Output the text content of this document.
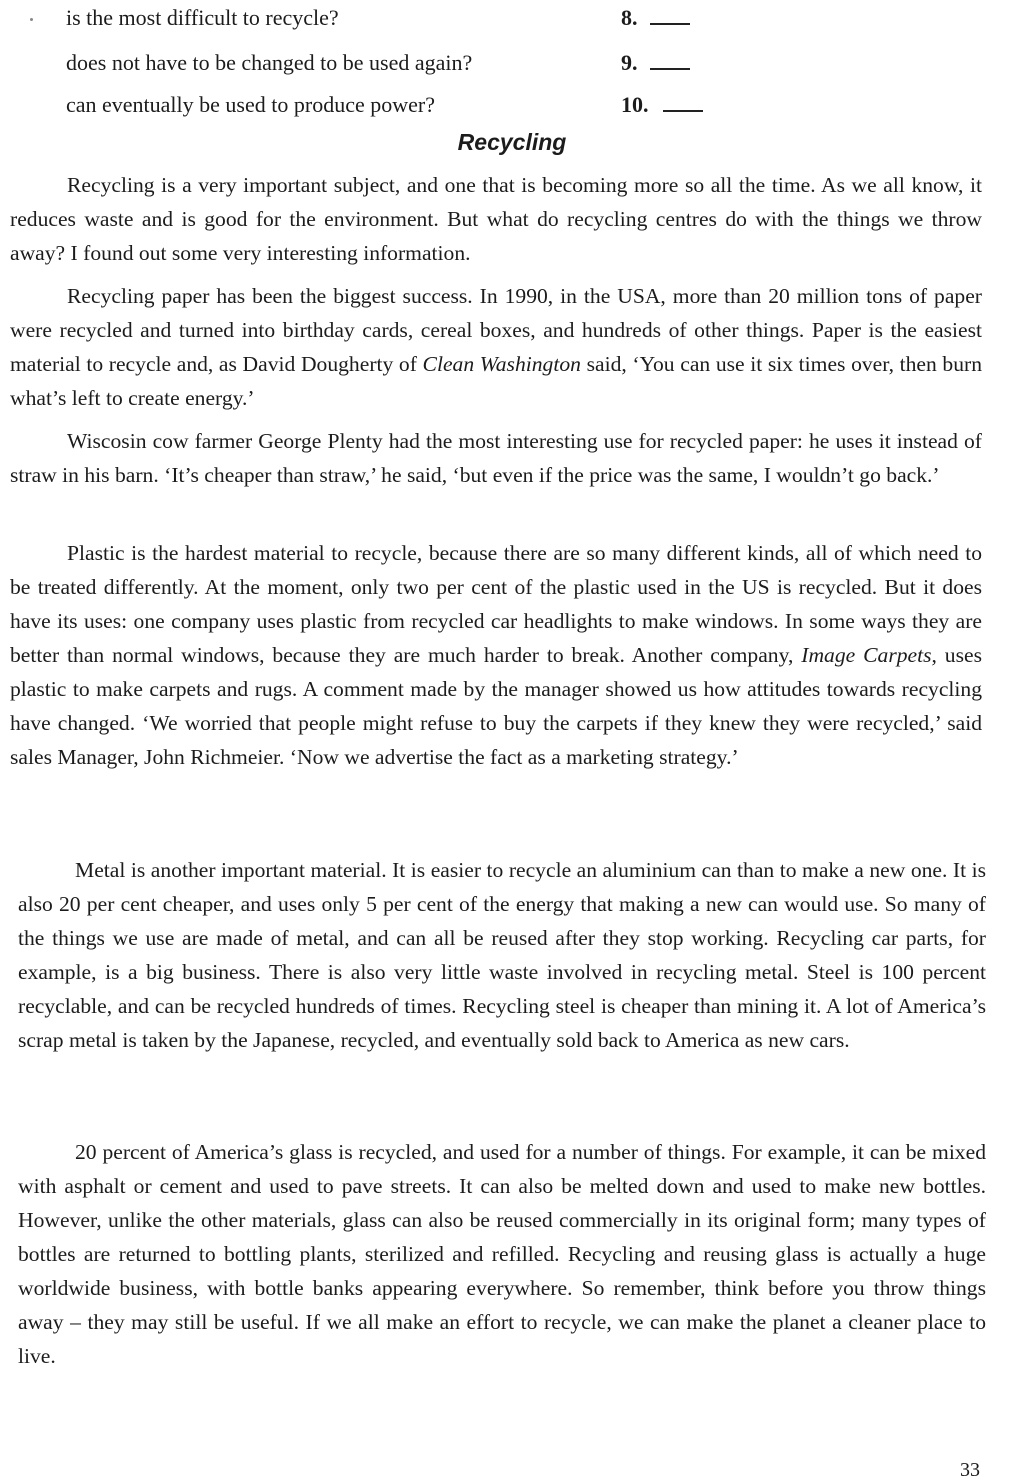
is the most difficult to recycle?	8.
does not have to be changed to be used again?	9.
can eventually be used to produce power?	10.
Recycling

Recycling is a very important subject, and one that is becoming more so all the time. As we all know, it reduces waste and is good for the environment. But what do recycling centres do with the things we throw away? I found out some very interesting information.

Recycling paper has been the biggest success. In 1990, in the USA, more than 20 million tons of paper were recycled and turned into birthday cards, cereal boxes, and hundreds of other things. Paper is the easiest material to recycle and, as David Dougherty of Clean Washington said, ‘You can use it six times over, then burn what’s left to create energy.’

Wiscosin cow farmer George Plenty had the most interesting use for recycled paper: he uses it instead of straw in his barn. ‘It’s cheaper than straw,’ he said, ‘but even if the price was the same, I wouldn’t go back.’

Plastic is the hardest material to recycle, because there are so many different kinds, all of which need to be treated differently. At the moment, only two per cent of the plastic used in the US is recycled. But it does have its uses: one company uses plastic from recycled car headlights to make windows. In some ways they are better than normal windows, because they are much harder to break. Another company, Image Carpets, uses plastic to make carpets and rugs. A comment made by the manager showed us how attitudes towards recycling have changed. ‘We worried that people might refuse to buy the carpets if they knew they were recycled,’ said sales Manager, John Richmeier. ‘Now we advertise the fact as a marketing strategy.’

Metal is another important material. It is easier to recycle an aluminium can than to make a new one. It is also 20 per cent cheaper, and uses only 5 per cent of the energy that making a new can would use. So many of the things we use are made of metal, and can all be reused after they stop working. Recycling car parts, for example, is a big business. There is also very little waste involved in recycling metal. Steel is 100 percent recyclable, and can be recycled hundreds of times. Recycling steel is cheaper than mining it. A lot of America’s scrap metal is taken by the Japanese, recycled, and eventually sold back to America as new cars.

20 percent of America’s glass is recycled, and used for a number of things. For example, it can be mixed with asphalt or cement and used to pave streets. It can also be melted down and used to make new bottles. However, unlike the other materials, glass can also be reused commercially in its original form; many types of bottles are returned to bottling plants, sterilized and refilled. Recycling and reusing glass is actually a huge worldwide business, with bottle banks appearing everywhere. So remember, think before you throw things away – they may still be useful. If we all make an effort to recycle, we can make the planet a cleaner place to live.

33
